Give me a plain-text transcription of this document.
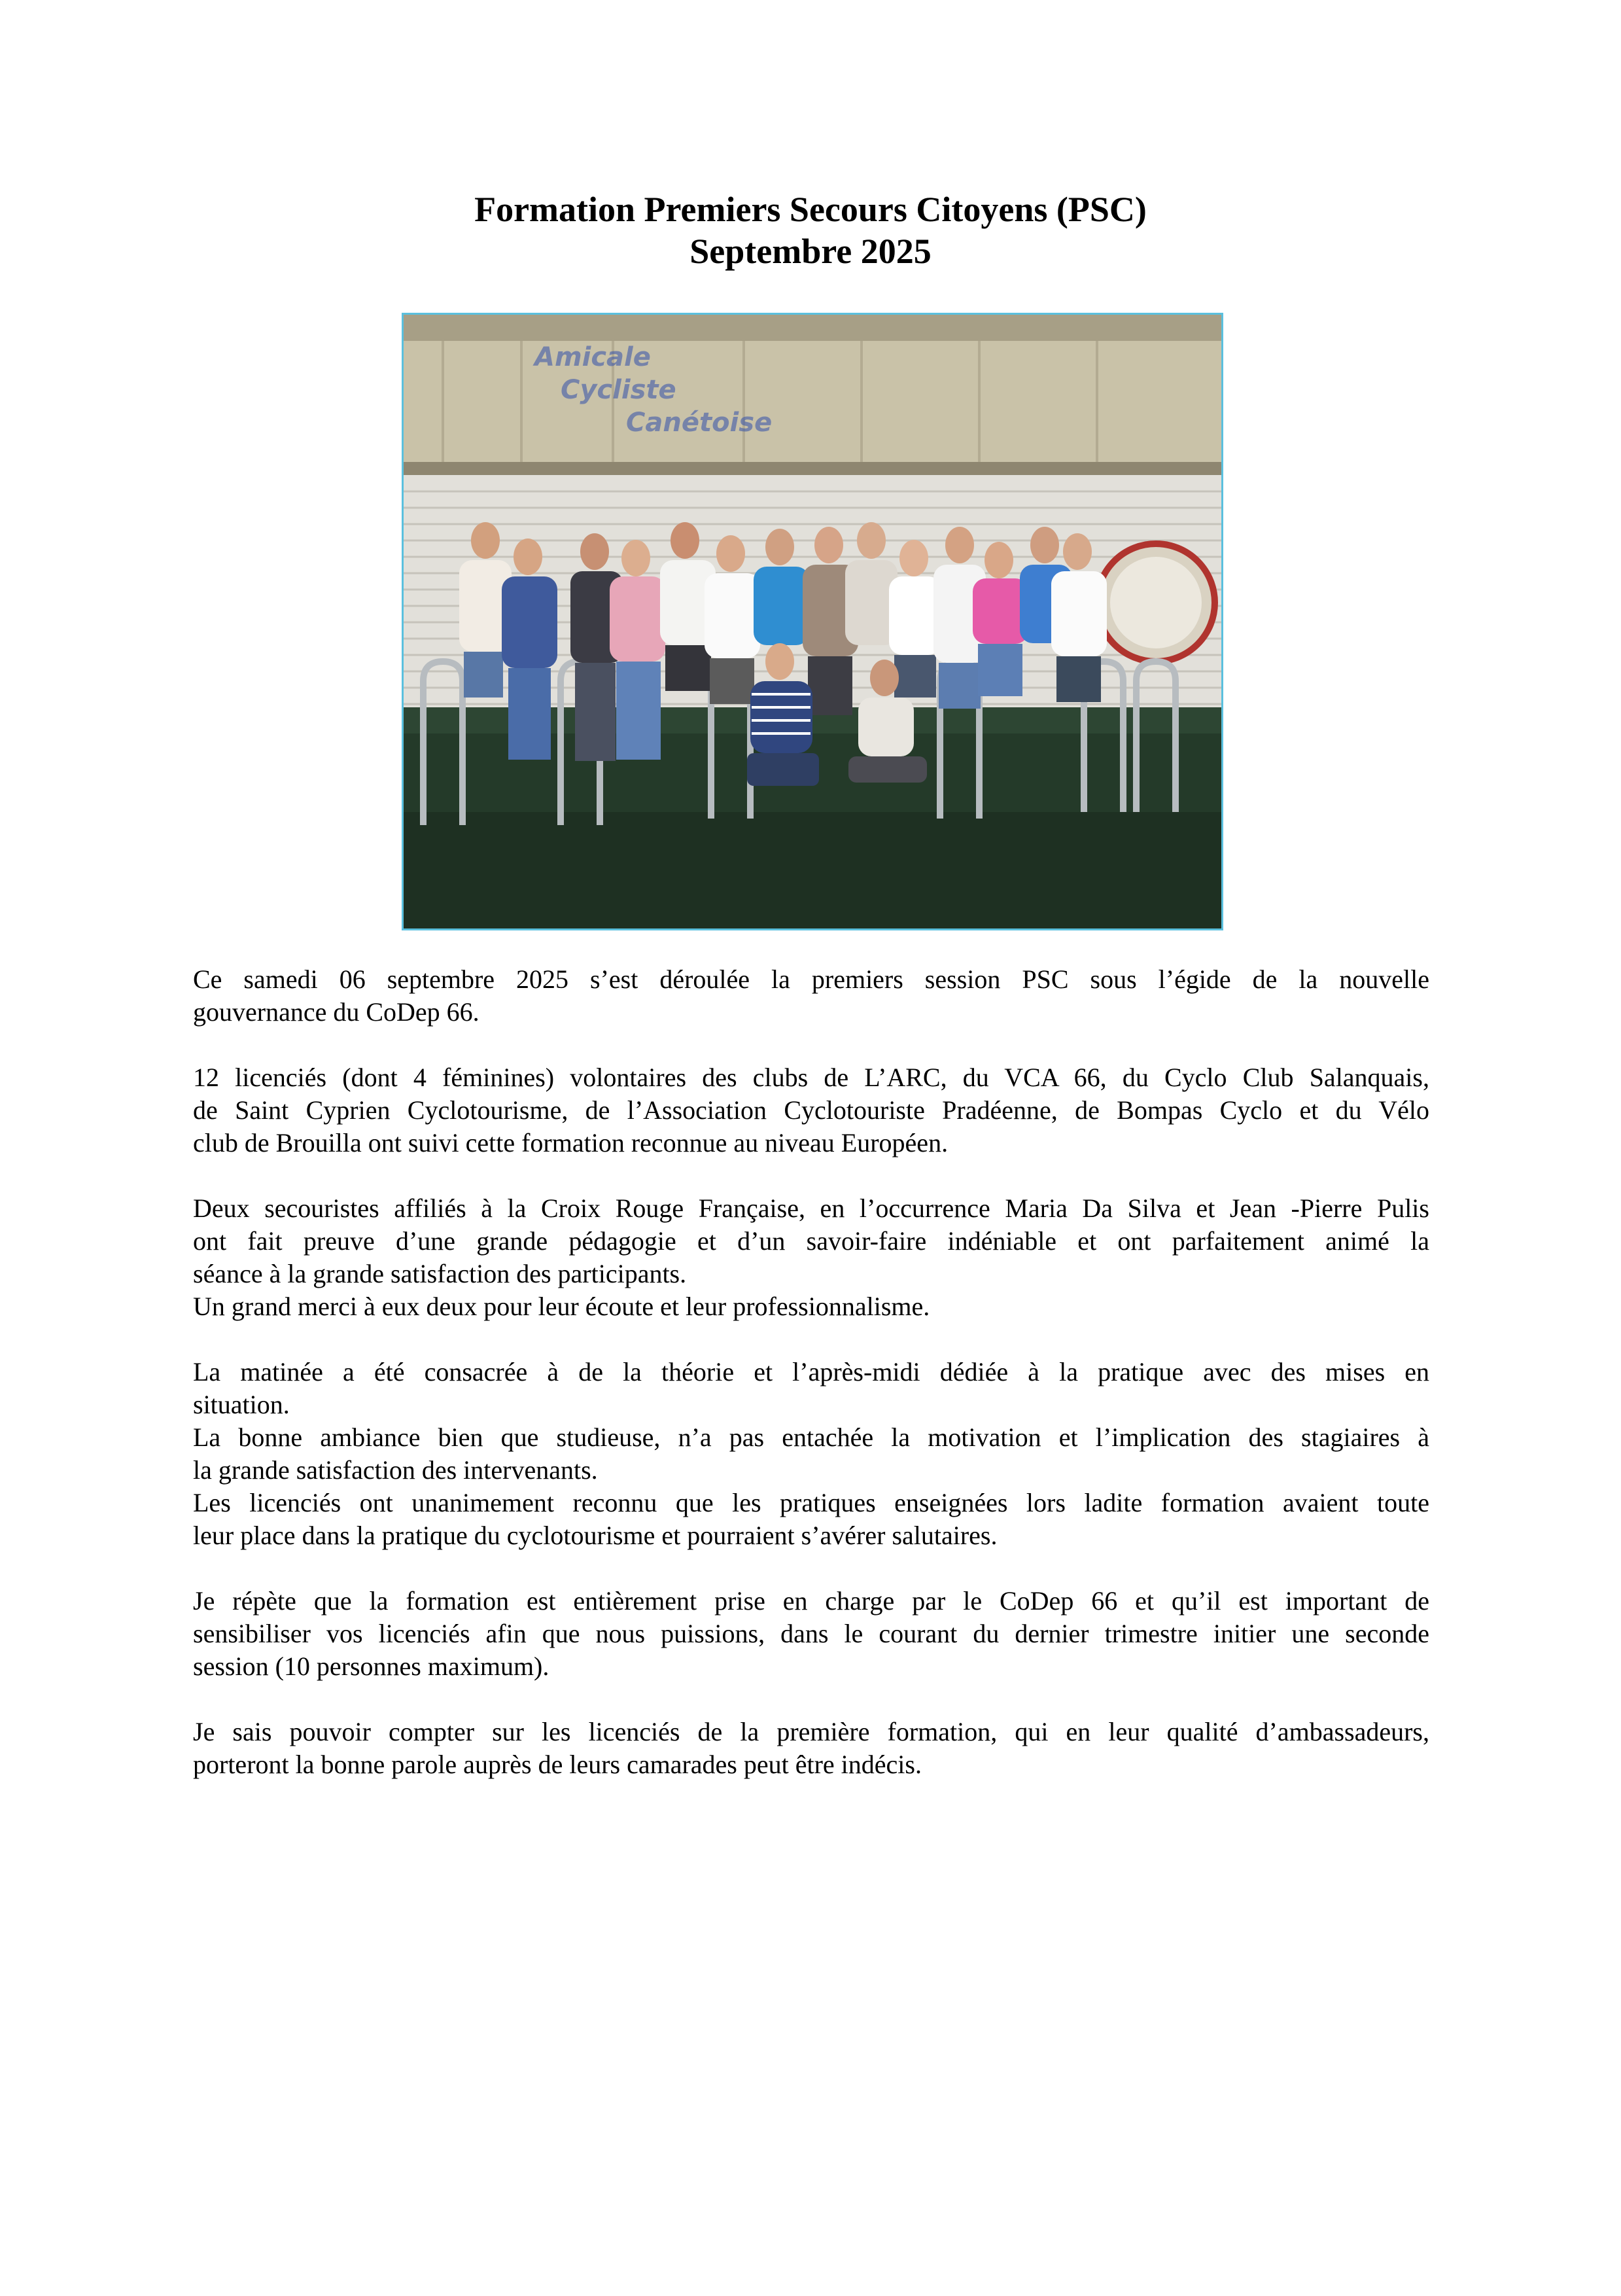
Formation Premiers Secours Citoyens (PSC)
Septembre 2025
Amicale
Cycliste
Canétoise

Ce samedi 06 septembre 2025 s’est déroulée la premiers session PSC sous l’égide de la nouvelle
gouvernance du CoDep 66.

12 licenciés (dont 4 féminines) volontaires des clubs de L’ARC, du VCA 66, du Cyclo Club Salanquais,
de Saint Cyprien Cyclotourisme, de l’Association Cyclotouriste Pradéenne, de Bompas Cyclo et du Vélo
club de Brouilla ont suivi cette formation reconnue au niveau Européen.

Deux secouristes affiliés à la Croix Rouge Française, en l’occurrence Maria Da Silva et Jean -Pierre Pulis
ont fait preuve d’une grande pédagogie et d’un savoir-faire indéniable et ont parfaitement animé la
séance à la grande satisfaction des participants.
Un grand merci à eux deux pour leur écoute et leur professionnalisme.

La matinée a été consacrée à de la théorie et l’après-midi dédiée à la pratique avec des mises en
situation.
La bonne ambiance bien que studieuse, n’a pas entachée la motivation et l’implication des stagiaires à
la grande satisfaction des intervenants.
Les licenciés ont unanimement reconnu que les pratiques enseignées lors ladite formation avaient toute
leur place dans la pratique du cyclotourisme et pourraient s’avérer salutaires.

Je répète que la formation est entièrement prise en charge par le CoDep 66 et qu’il est important de
sensibiliser vos licenciés afin que nous puissions, dans le courant du dernier trimestre initier une seconde
session (10 personnes maximum).

Je sais pouvoir compter sur les licenciés de la première formation, qui en leur qualité d’ambassadeurs,
porteront la bonne parole auprès de leurs camarades peut être indécis.
